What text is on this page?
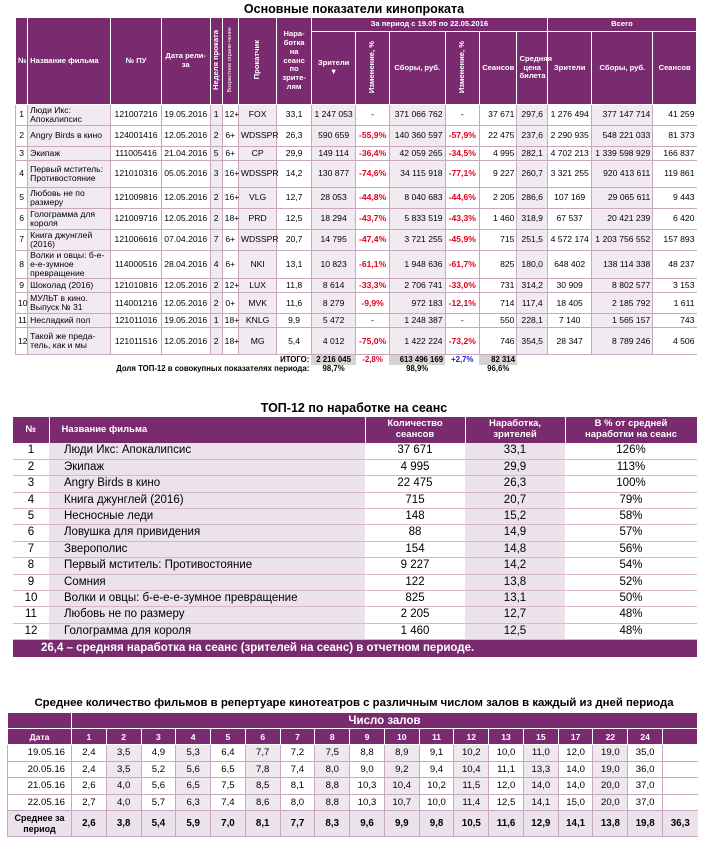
Основные показатели кинопроката
№	Название фильма	№ ПУ	Дата рели-за	Неделя проката	Возрастное ограни-чение	Прокатчик	Нара-ботка на сеанс по зрите-лям	За период с 19.05 по 22.05.2016						Всего		
								Зрители
▼	Изменение, %	Сборы, руб.	Изменение, %	Сеансов	Средняя цена билета	Зрители	Сборы, руб.	Сеансов
1	Люди Икс: Апокалипсис	121007216	19.05.2016	1	12+	FOX	33,1	1 247 053	-	371 066 762	-	37 671	297,6	1 276 494	377 147 714	41 259
2	Angry Birds в кино	124001416	12.05.2016	2	6+	WDSSPR	26,3	590 659	-55,9%	140 360 597	-57,9%	22 475	237,6	2 290 935	548 221 033	81 373
3	Экипаж	111005416	21.04.2016	5	6+	CP	29,9	149 114	-36,4%	42 059 265	-34,5%	4 995	282,1	4 702 213	1 339 598 929	166 837
4	Первый мститель: Противостояние	121010316	05.05.2016	3	16+	WDSSPR	14,2	130 877	-74,6%	34 115 918	-77,1%	9 227	260,7	3 321 255	920 413 611	119 861
5	Любовь не по размеру	121009816	12.05.2016	2	16+	VLG	12,7	28 053	-44,8%	8 040 683	-44,6%	2 205	286,6	107 169	29 065 611	9 443
6	Голограмма для короля	121009716	12.05.2016	2	18+	PRD	12,5	18 294	-43,7%	5 833 519	-43,3%	1 460	318,9	67 537	20 421 239	6 420
7	Книга джунглей (2016)	121006616	07.04.2016	7	6+	WDSSPR	20,7	14 795	-47,4%	3 721 255	-45,9%	715	251,5	4 572 174	1 203 756 552	157 893
8	Волки и овцы: б-е-е-е-зумное превращение	114000516	28.04.2016	4	6+	NKI	13,1	10 823	-61,1%	1 948 636	-61,7%	825	180,0	648 402	138 114 338	48 237
9	Шоколад (2016)	121010816	12.05.2016	2	12+	LUX	11,8	8 614	-33,3%	2 706 741	-33,0%	731	314,2	30 909	8 802 577	3 153
10	МУЛЬТ в кино. Выпуск № 31	114001216	12.05.2016	2	0+	MVK	11,6	8 279	-9,9%	972 183	-12,1%	714	117,4	18 405	2 185 792	1 611
11	Несладкий пол	121011016	19.05.2016	1	18+	KNLG	9,9	5 472	-	1 248 387	-	550	228,1	7 140	1 565 157	743
12	Такой же преда-тель, как и мы	121011516	12.05.2016	2	18+	MG	5,4	4 012	-75,0%	1 422 224	-73,2%	746	354,5	28 347	8 789 246	4 506
ИТОГО:								2 216 045	-2,8%	613 496 169	+2,7%	82 314				
Доля ТОП-12 в совокупных показателях периода:								98,7%		98,9%		96,6%				
ТОП-12 по наработке на сеанс
№	Название фильма	Количество сеансов	Наработка, зрителей	В % от средней наработки на сеанс
1	Люди Икс: Апокалипсис	37 671	33,1	126%
2	Экипаж	4 995	29,9	113%
3	Angry Birds в кино	22 475	26,3	100%
4	Книга джунглей (2016)	715	20,7	79%
5	Несносные леди	148	15,2	58%
6	Ловушка для привидения	88	14,9	57%
7	Зверополис	154	14,8	56%
8	Первый мститель: Противостояние	9 227	14,2	54%
9	Сомния	122	13,8	52%
10	Волки и овцы: б-е-е-е-зумное превращение	825	13,1	50%
11	Любовь не по размеру	2 205	12,7	48%
12	Голограмма для короля	1 460	12,5	48%
26,4 – средняя наработка на сеанс (зрителей на сеанс) в отчетном периоде.				
Среднее количество фильмов в репертуаре кинотеатров с различным числом залов в каждый из дней периода
	Число залов																	
Дата	1	2	3	4	5	6	7	8	9	10	11	12	13	15	17	22	24	
19.05.16	2,4	3,5	4,9	5,3	6,4	7,7	7,2	7,5	8,8	8,9	9,1	10,2	10,0	11,0	12,0	19,0	35,0	
20.05.16	2,4	3,5	5,2	5,6	6,5	7,8	7,4	8,0	9,0	9,2	9,4	10,4	11,1	13,3	14,0	19,0	36,0	
21.05.16	2,6	4,0	5,6	6,5	7,5	8,5	8,1	8,8	10,3	10,4	10,2	11,5	12,0	14,0	14,0	20,0	37,0	
22.05.16	2,7	4,0	5,7	6,3	7,4	8,6	8,0	8,8	10,3	10,7	10,0	11,4	12,5	14,1	15,0	20,0	37,0	
Среднее за период	2,6	3,8	5,4	5,9	7,0	8,1	7,7	8,3	9,6	9,9	9,8	10,5	11,6	12,9	14,1	13,8	19,8	36,3
